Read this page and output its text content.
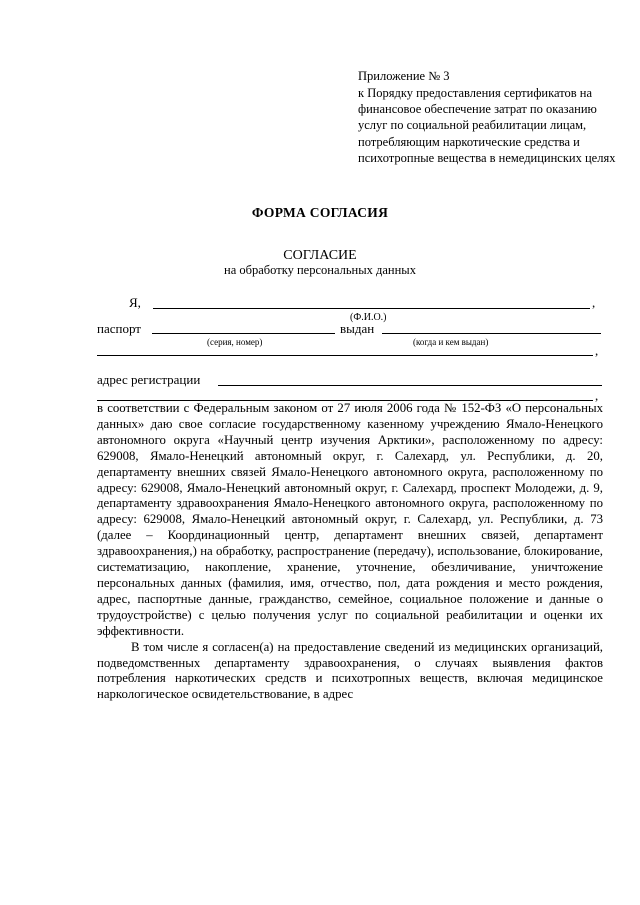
Приложение № 3
к Порядку предоставления сертификатов на финансовое обеспечение затрат по оказанию услуг по социальной реабилитации лицам, потребляющим наркотические средства и психотропные вещества в немедицинских целях
ФОРМА СОГЛАСИЯ
СОГЛАСИЕ
на обработку персональных данных
Я,	,
(Ф.И.О.)
паспорт	выдан
(серия, номер)	(когда и кем выдан)
,
адрес регистрации
,

в соответствии с Федеральным законом от 27 июля 2006 года № 152-ФЗ «О персональных данных» даю свое согласие государственному казенному учреждению Ямало-Ненецкого автономного округа «Научный центр изучения Арктики», расположенному по адресу: 629008, Ямало-Ненецкий автономный округ, г. Салехард, ул. Республики, д. 20, департаменту внешних связей Ямало-Ненецкого автономного округа, расположенному по адресу: 629008, Ямало-Ненецкий автономный округ, г. Салехард, проспект Молодежи, д. 9, департаменту здравоохранения Ямало-Ненецкого автономного округа, расположенному по адресу: 629008, Ямало-Ненецкий автономный округ, г. Салехард, ул. Республики, д. 73 (далее – Координационный центр, департамент внешних связей, департамент здравоохранения,) на обработку, распространение (передачу), использование, блокирование, систематизацию, накопление, хранение, уточнение, обезличивание, уничтожение персональных данных (фамилия, имя, отчество, пол, дата рождения и место рождения, адрес, паспортные данные, гражданство, семейное, социальное положение и данные о трудоустройстве) с целью получения услуг по социальной реабилитации и оценки их эффективности.

В том числе я согласен(а) на предоставление сведений из медицинских организаций, подведомственных департаменту здравоохранения, о случаях выявления фактов потребления наркотических средств и психотропных веществ, включая медицинское наркологическое освидетельствование, в адрес
